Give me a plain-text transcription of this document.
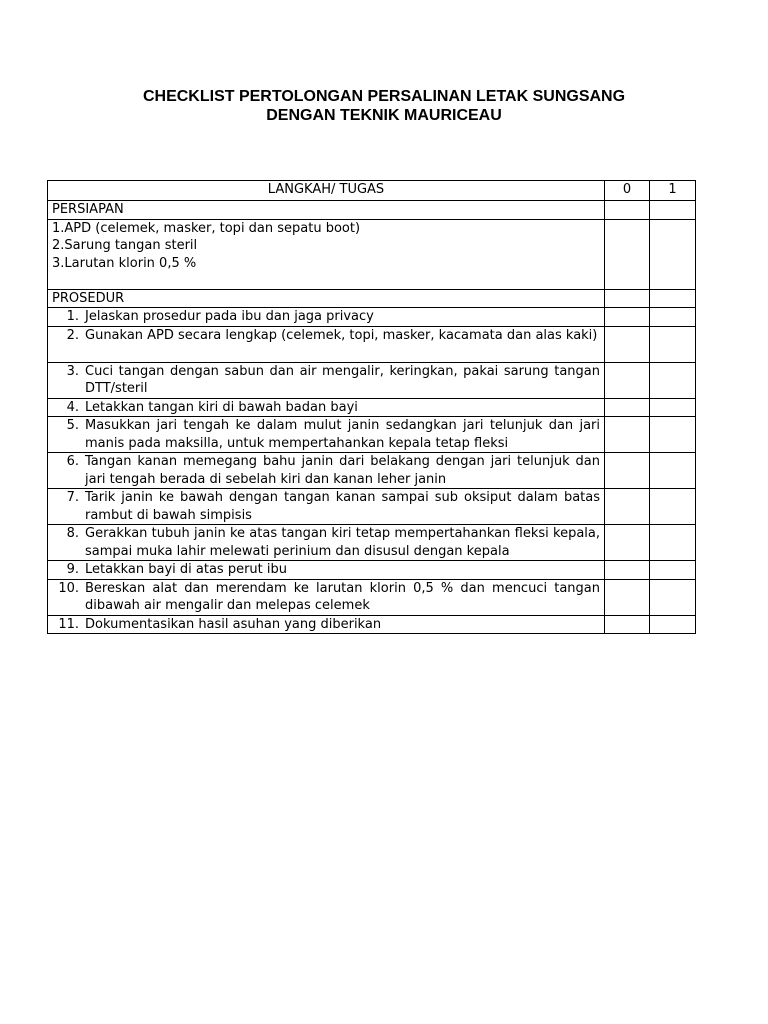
CHECKLIST PERTOLONGAN PERSALINAN LETAK SUNGSANG
DENGAN TEKNIK MAURICEAU
LANGKAH/ TUGAS	0	1
PERSIAPAN		

1.APD (celemek, masker, topi dan sepatu boot)
2.Sarung tangan steril
3.Larutan klorin 0,5 %		

PROSEDUR		

1. Jelaskan prosedur pada ibu dan jaga privacy		

2. Gunakan APD secara lengkap (celemek, topi, masker, kacamata dan alas kaki)		

3. Cuci tangan dengan sabun dan air mengalir, keringkan, pakai sarung tangan DTT/steril		

4. Letakkan tangan kiri di bawah badan bayi		

5. Masukkan jari tengah ke dalam mulut janin sedangkan jari telunjuk dan jari manis pada maksilla, untuk mempertahankan kepala tetap fleksi		

6. Tangan kanan memegang bahu janin dari belakang dengan jari telunjuk dan jari tengah berada di sebelah kiri dan kanan leher janin		

7. Tarik janin ke bawah dengan tangan kanan sampai sub oksiput dalam batas rambut di bawah simpisis		

8. Gerakkan tubuh janin ke atas tangan kiri tetap mempertahankan fleksi kepala, sampai muka lahir melewati perinium dan disusul dengan kepala		

9. Letakkan bayi di atas perut ibu		

10. Bereskan alat dan merendam ke larutan klorin 0,5 % dan mencuci tangan dibawah air mengalir dan melepas celemek		

11. Dokumentasikan hasil asuhan yang diberikan		
